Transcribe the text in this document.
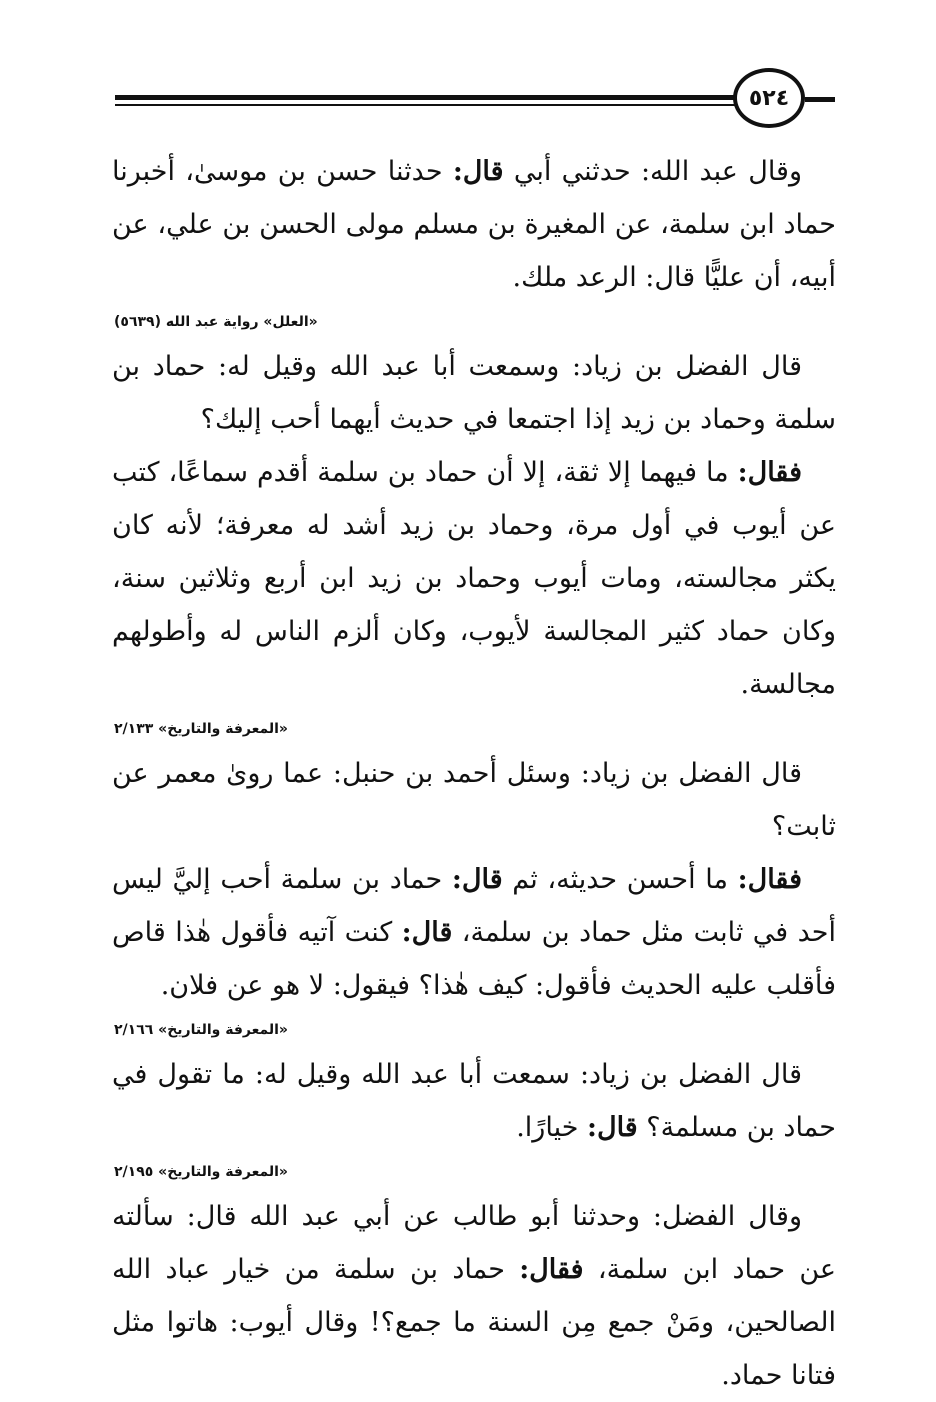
٥٢٤

وقال عبد الله: حدثني أبي قال: حدثنا حسن بن موسىٰ، أخبرنا حماد ابن سلمة، عن المغيرة بن مسلم مولى الحسن بن علي، عن أبيه، أن عليًّا قال: الرعد ملك.

«العلل» رواية عبد الله (٥٦٣٩)

قال الفضل بن زياد: وسمعت أبا عبد الله وقيل له: حماد بن سلمة وحماد بن زيد إذا اجتمعا في حديث أيهما أحب إليك؟

فقال: ما فيهما إلا ثقة، إلا أن حماد بن سلمة أقدم سماعًا، كتب عن أيوب في أول مرة، وحماد بن زيد أشد له معرفة؛ لأنه كان يكثر مجالسته، ومات أيوب وحماد بن زيد ابن أربع وثلاثين سنة، وكان حماد كثير المجالسة لأيوب، وكان ألزم الناس له وأطولهم مجالسة.

«المعرفة والتاريخ» ٢/١٣٣

قال الفضل بن زياد: وسئل أحمد بن حنبل: عما روىٰ معمر عن ثابت؟

فقال: ما أحسن حديثه، ثم قال: حماد بن سلمة أحب إليَّ ليس أحد في ثابت مثل حماد بن سلمة، قال: كنت آتيه فأقول هٰذا قاص فأقلب عليه الحديث فأقول: كيف هٰذا؟ فيقول: لا هو عن فلان.

«المعرفة والتاريخ» ٢/١٦٦

قال الفضل بن زياد: سمعت أبا عبد الله وقيل له: ما تقول في حماد بن مسلمة؟ قال: خيارًا.

«المعرفة والتاريخ» ٢/١٩٥

وقال الفضل: وحدثنا أبو طالب عن أبي عبد الله قال: سألته عن حماد ابن سلمة، فقال: حماد بن سلمة من خيار عباد الله الصالحين، ومَنْ جمع مِن السنة ما جمع؟! وقال أيوب: هاتوا مثل فتانا حماد.
